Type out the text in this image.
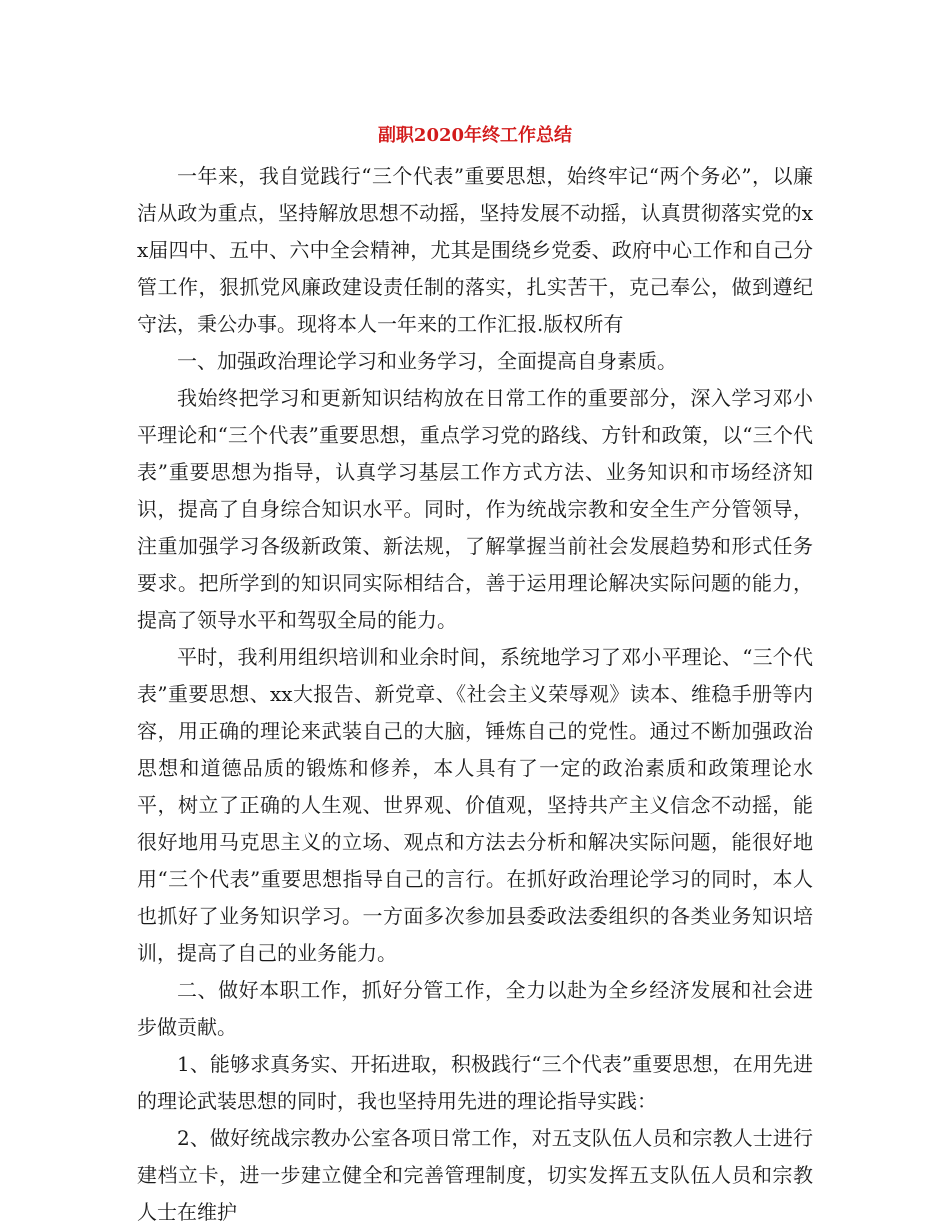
副职2020年终工作总结

一年来，我自觉践行“三个代表”重要思想，始终牢记“两个务必”，以廉洁从政为重点，坚持解放思想不动摇，坚持发展不动摇，认真贯彻落实党的xx届四中、五中、六中全会精神，尤其是围绕乡党委、政府中心工作和自己分管工作，狠抓党风廉政建设责任制的落实，扎实苦干，克己奉公，做到遵纪守法，秉公办事。现将本人一年来的工作汇报.版权所有

一、加强政治理论学习和业务学习，全面提高自身素质。

我始终把学习和更新知识结构放在日常工作的重要部分，深入学习邓小平理论和“三个代表”重要思想，重点学习党的路线、方针和政策，以“三个代表”重要思想为指导，认真学习基层工作方式方法、业务知识和市场经济知识，提高了自身综合知识水平。同时，作为统战宗教和安全生产分管领导，注重加强学习各级新政策、新法规，了解掌握当前社会发展趋势和形式任务要求。把所学到的知识同实际相结合，善于运用理论解决实际问题的能力，提高了领导水平和驾驭全局的能力。

平时，我利用组织培训和业余时间，系统地学习了邓小平理论、“三个代表”重要思想、xx大报告、新党章、《社会主义荣辱观》读本、维稳手册等内容，用正确的理论来武装自己的大脑，锤炼自己的党性。通过不断加强政治思想和道德品质的锻炼和修养，本人具有了一定的政治素质和政策理论水平，树立了正确的人生观、世界观、价值观，坚持共产主义信念不动摇，能很好地用马克思主义的立场、观点和方法去分析和解决实际问题，能很好地用“三个代表”重要思想指导自己的言行。在抓好政治理论学习的同时，本人也抓好了业务知识学习。一方面多次参加县委政法委组织的各类业务知识培训，提高了自己的业务能力。

二、做好本职工作，抓好分管工作，全力以赴为全乡经济发展和社会进步做贡献。

1、能够求真务实、开拓进取，积极践行“三个代表”重要思想，在用先进的理论武装思想的同时，我也坚持用先进的理论指导实践：

2、做好统战宗教办公室各项日常工作，对五支队伍人员和宗教人士进行建档立卡，进一步建立健全和完善管理制度，切实发挥五支队伍人员和宗教人士在维护
